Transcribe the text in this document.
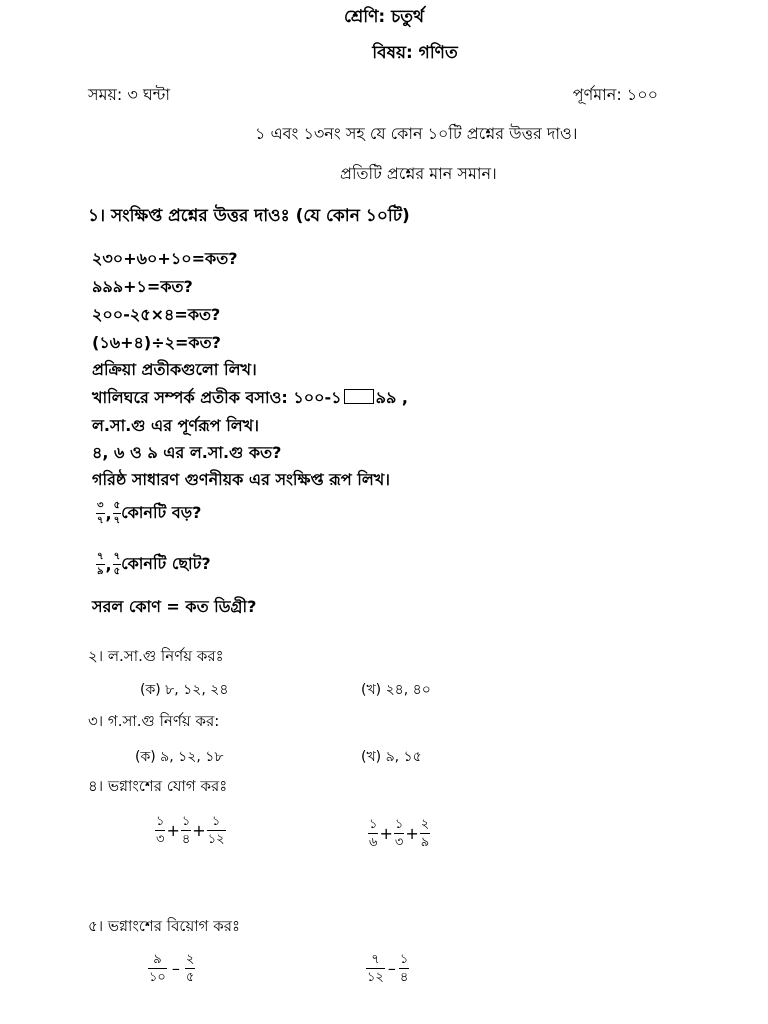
শ্রেণি: চতুর্থ
বিষয়: গণিত
সময়: ৩ ঘন্টা	পূর্ণমান: ১০০
১ এবং ১৩নং সহ যে কোন ১০টি প্রশ্নের উত্তর দাও।
প্রতিটি প্রশ্নের মান সমান।
১। সংক্ষিপ্ত প্রশ্নের উত্তর দাওঃ (যে কোন ১০টি)
২৩০+৬০+১০=কত?
৯৯৯+১=কত?
২০০-২৫×৪=কত?
(১৬+৪)÷২=কত?
প্রক্রিয়া প্রতীকগুলো লিখ।
খালিঘরে সম্পর্ক প্রতীক বসাও: ১০০-১ ৯৯ ,
ল.সা.গু এর পূর্ণরূপ লিখ।
৪, ৬ ও ৯ এর ল.সা.গু কত?
গরিষ্ঠ সাধারণ গুণনীয়ক এর সংক্ষিপ্ত রূপ লিখ।
$\frac{৩}{৭}$ , $\frac{৫}{৭}$ কোনটি বড়?
$\frac{৭}{৯}$ , $\frac{৭}{৫}$ কোনটি ছোট?
সরল কোণ = কত ডিগ্রী?
২। ল.সা.গু নির্ণয় করঃ
(ক) ৮, ১২, ২৪	(খ) ২৪, ৪০
৩। গ.সা.গু নির্ণয় কর:
(ক) ৯, ১২, ১৮	(খ) ৯, ১৫
৪। ভগ্নাংশের যোগ করঃ
$\frac{১}{৩} + \frac{১}{৪} + \frac{১}{১২}$	$\frac{১}{৬} + \frac{১}{৩} + \frac{২}{৯}$
৫। ভগ্নাংশের বিয়োগ করঃ
$\frac{৯}{১০} - \frac{২}{৫}$	$\frac{৭}{১২} - \frac{১}{৪}$
